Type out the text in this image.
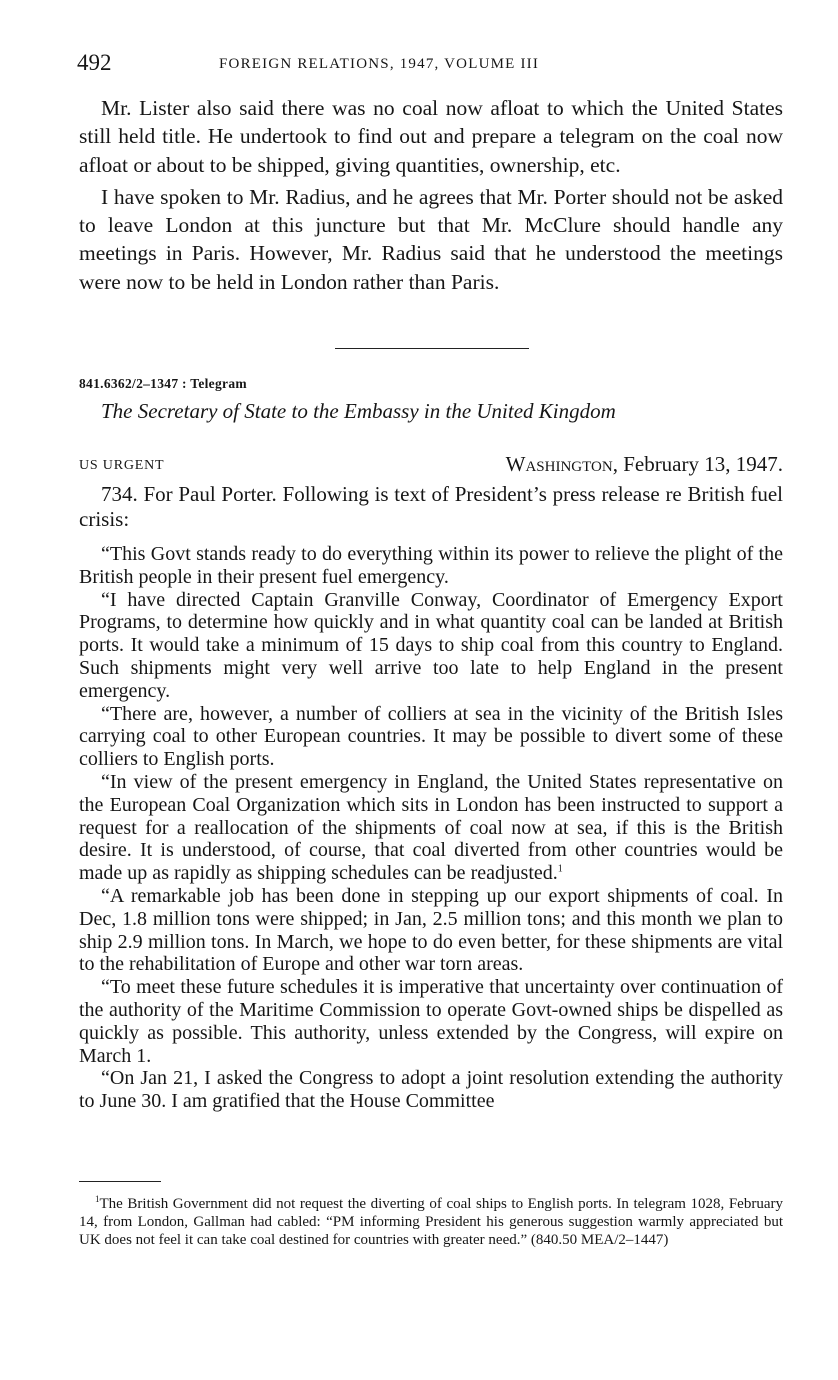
492	FOREIGN RELATIONS, 1947, VOLUME III

Mr. Lister also said there was no coal now afloat to which the United States still held title. He undertook to find out and prepare a telegram on the coal now afloat or about to be shipped, giving quantities, ownership, etc.

I have spoken to Mr. Radius, and he agrees that Mr. Porter should not be asked to leave London at this juncture but that Mr. McClure should handle any meetings in Paris. However, Mr. Radius said that he understood the meetings were now to be held in London rather than Paris.

841.6362/2–1347 : Telegram
The Secretary of State to the Embassy in the United Kingdom
US URGENT	Washington, February 13, 1947.

734. For Paul Porter. Following is text of President’s press release re British fuel crisis:

“This Govt stands ready to do everything within its power to relieve the plight of the British people in their present fuel emergency.

“I have directed Captain Granville Conway, Coordinator of Emergency Export Programs, to determine how quickly and in what quantity coal can be landed at British ports. It would take a minimum of 15 days to ship coal from this country to England. Such shipments might very well arrive too late to help England in the present emergency.

“There are, however, a number of colliers at sea in the vicinity of the British Isles carrying coal to other European countries. It may be possible to divert some of these colliers to English ports.

“In view of the present emergency in England, the United States representative on the European Coal Organization which sits in London has been instructed to support a request for a reallocation of the shipments of coal now at sea, if this is the British desire. It is understood, of course, that coal diverted from other countries would be made up as rapidly as shipping schedules can be readjusted.$^1$

“A remarkable job has been done in stepping up our export shipments of coal. In Dec, 1.8 million tons were shipped; in Jan, 2.5 million tons; and this month we plan to ship 2.9 million tons. In March, we hope to do even better, for these shipments are vital to the rehabilitation of Europe and other war torn areas.

“To meet these future schedules it is imperative that uncertainty over continuation of the authority of the Maritime Commission to operate Govt-owned ships be dispelled as quickly as possible. This authority, unless extended by the Congress, will expire on March 1.

“On Jan 21, I asked the Congress to adopt a joint resolution extending the authority to June 30. I am gratified that the House Committee

$^1$The British Government did not request the diverting of coal ships to English ports. In telegram 1028, February 14, from London, Gallman had cabled: “PM informing President his generous suggestion warmly appreciated but UK does not feel it can take coal destined for countries with greater need.” (840.50 MEA/2–1447)
